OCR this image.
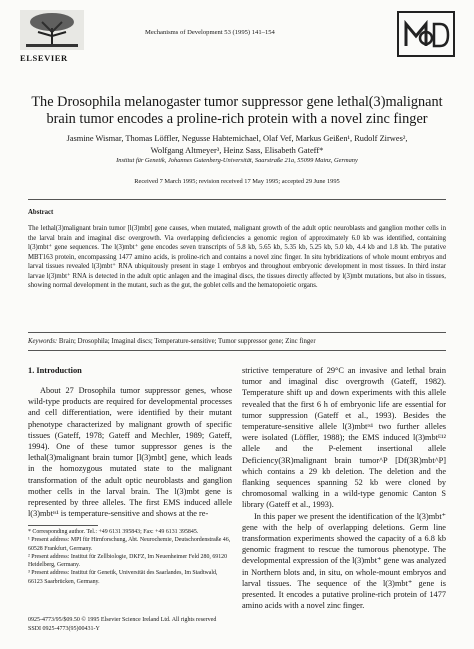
ELSEVIER
Mechanisms of Development 53 (1995) 141–154
The Drosophila melanogaster tumor suppressor gene lethal(3)malignant
brain tumor encodes a proline-rich protein with a novel zinc finger
Jasmine Wismar, Thomas Löffler, Negusse Habtemichael, Olaf Vef, Markus Geißen¹, Rudolf Zirwes²,
Wolfgang Altmeyer³, Heinz Sass, Elisabeth Gateff*
Institut für Genetik, Johannes Gutenberg-Universität, Saarstraße 21a, 55099 Mainz, Germany
Received 7 March 1995; revision received 17 May 1995; accepted 29 June 1995
Abstract
The lethal(3)malignant brain tumor [l(3)mbt] gene causes, when mutated, malignant growth of the adult optic neuroblasts and ganglion mother cells in the larval brain and imaginal disc overgrowth. Via overlapping deficiencies a genomic region of approximately 6.0 kb was identified, containing l(3)mbt⁺ gene sequences. The l(3)mbt⁺ gene encodes seven transcripts of 5.8 kb, 5.65 kb, 5.35 kb, 5.25 kb, 5.0 kb, 4.4 kb and 1.8 kb. The putative MBT163 protein, encompassing 1477 amino acids, is proline-rich and contains a novel zinc finger. In situ hybridizations of whole mount embryos and larval tissues revealed l(3)mbt⁺ RNA ubiquitously present in stage 1 embryos and throughout embryonic development in most tissues. In third instar larvae l(3)mbt⁺ RNA is detected in the adult optic anlagen and the imaginal discs, the tissues directly affected by l(3)mbt mutations, but also in tissues, showing normal development in the mutant, such as the gut, the goblet cells and the hematopoietic organs.
Keywords: Brain; Drosophila; Imaginal discs; Temperature-sensitive; Tumor suppressor gene; Zinc finger
1. Introduction

About 27 Drosophila tumor suppressor genes, whose wild-type products are required for developmental processes and cell differentiation, were identified by their mutant phenotype characterized by malignant growth of specific tissues (Gateff, 1978; Gateff and Mechler, 1989; Gateff, 1994). One of these tumor suppressor genes is the lethal(3)malignant brain tumor [l(3)mbt] gene, which leads in the homozygous mutated state to the malignant transformation of the adult optic neuroblasts and ganglion mother cells in the larval brain. The l(3)mbt gene is represented by three alleles. The first EMS induced allele l(3)mbtᵗˢ¹ is temperature-sensitive and shows at the re-

* Corresponding author. Tel.: +49 6131 395843; Fax: +49 6131 395845.

¹ Present address: MPI für Hirnforschung, Abt. Neurochemie, Deutschordenstraße 46, 60528 Frankfurt, Germany.

² Present address: Institut für Zellbiologie, DKFZ, Im Neuenheimer Feld 280, 69120 Heidelberg, Germany.

³ Present address: Institut für Genetik, Universität des Saarlandes, Im Stadtwald, 66123 Saarbrücken, Germany.

strictive temperature of 29°C an invasive and lethal brain tumor and imaginal disc overgrowth (Gateff, 1982). Temperature shift up and down experiments with this allele revealed that the first 6 h of embryonic life are essential for tumor suppression (Gateff et al., 1993). Besides the temperature-sensitive allele l(3)mbtᵗˢ¹ two further alleles were isolated (Löffler, 1988); the EMS induced l(3)mbtᴱ¹² allele and the P-element insertional allele Deficiency(3R)malignant brain tumor^P [Df(3R)mbt^P] which contains a 29 kb deletion. The deletion and the flanking sequences spanning 52 kb were cloned by chromosomal walking in a wild-type genomic Canton S library (Gateff et al., 1993).

In this paper we present the identification of the l(3)mbt⁺ gene with the help of overlapping deletions. Germ line transformation experiments showed the capacity of a 6.8 kb genomic fragment to rescue the tumorous phenotype. The developmental expression of the l(3)mbt⁺ gene was analyzed in Northern blots and, in situ, on whole-mount embryos and larval tissues. The sequence of the l(3)mbt⁺ gene is presented. It encodes a putative proline-rich protein of 1477 amino acids with a novel zinc finger.

0925-4773/95/$09.50 © 1995 Elsevier Science Ireland Ltd. All rights reserved
SSDI 0925-4773(95)00431-Y
